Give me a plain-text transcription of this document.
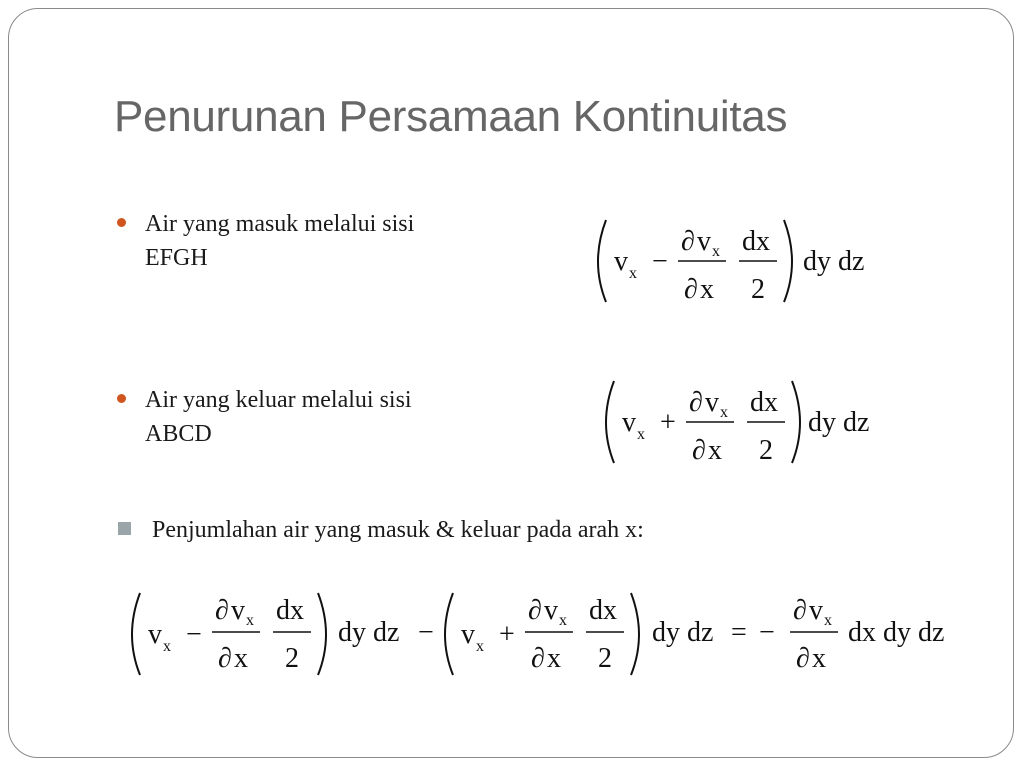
Penurunan Persamaan Kontinuitas
Air yang masuk melalui sisi
EFGH	v x −
∂ v x
∂ x
dx
2
dy dz
Air yang keluar melalui sisi
ABCD	v x +
∂ v x
∂ x
dx
2
dy dz
Penjumlahan air yang masuk & keluar pada arah x:
v x −
∂ v x
∂ x
dx
2
dy dz − v x +
∂ v x
∂ x
dx
2
dy dz = −
∂ v x
∂ x
dx dy dz
